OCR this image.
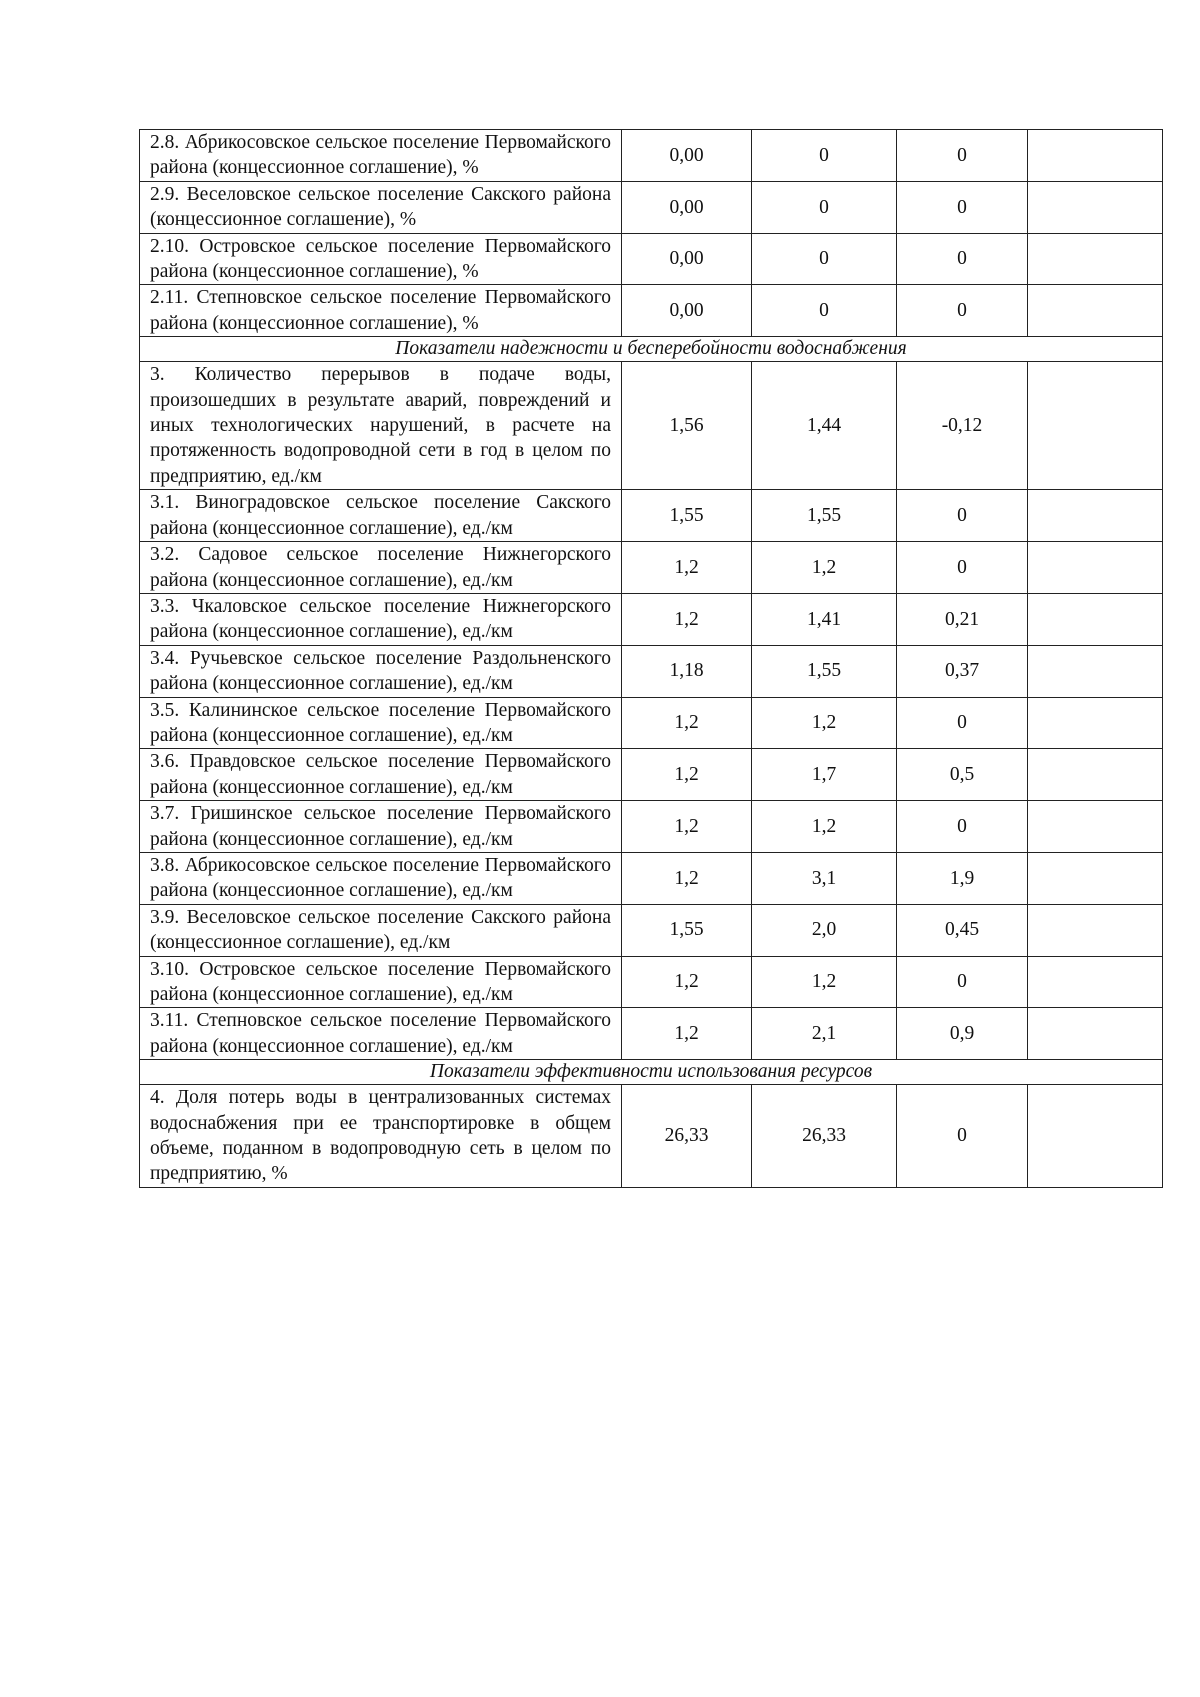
2.8. Абрикосовское сельское поселение Первомайского района (концессионное соглашение), %	0,00	0	0	
2.9. Веселовское сельское поселение Сакского района (концессионное соглашение), %	0,00	0	0	
2.10. Островское сельское поселение Первомайского района (концессионное соглашение), %	0,00	0	0	
2.11. Степновское сельское поселение Первомайского района (концессионное соглашение), %	0,00	0	0	
Показатели надежности и бесперебойности водоснабжения				
3. Количество перерывов в подаче воды, произошедших в результате аварий, повреждений и иных технологических нарушений, в расчете на протяженность водопроводной сети в год в целом по предприятию, ед./км	1,56	1,44	-0,12	
3.1. Виноградовское сельское поселение Сакского района (концессионное соглашение), ед./км	1,55	1,55	0	
3.2. Садовое сельское поселение Нижнегорского района (концессионное соглашение), ед./км	1,2	1,2	0	
3.3. Чкаловское сельское поселение Нижнегорского района (концессионное соглашение), ед./км	1,2	1,41	0,21	
3.4. Ручьевское сельское поселение Раздольненского района (концессионное соглашение), ед./км	1,18	1,55	0,37	
3.5. Калининское сельское поселение Первомайского района (концессионное соглашение), ед./км	1,2	1,2	0	
3.6. Правдовское сельское поселение Первомайского района (концессионное соглашение), ед./км	1,2	1,7	0,5	
3.7. Гришинское сельское поселение Первомайского района (концессионное соглашение), ед./км	1,2	1,2	0	
3.8. Абрикосовское сельское поселение Первомайского района (концессионное соглашение), ед./км	1,2	3,1	1,9	
3.9. Веселовское сельское поселение Сакского района (концессионное соглашение), ед./км	1,55	2,0	0,45	
3.10. Островское сельское поселение Первомайского района (концессионное соглашение), ед./км	1,2	1,2	0	
3.11. Степновское сельское поселение Первомайского района (концессионное соглашение), ед./км	1,2	2,1	0,9	
Показатели эффективности использования ресурсов				
4. Доля потерь воды в централизованных системах водоснабжения при ее транспортировке в общем объеме, поданном в водопроводную сеть в целом по предприятию, %	26,33	26,33	0	
